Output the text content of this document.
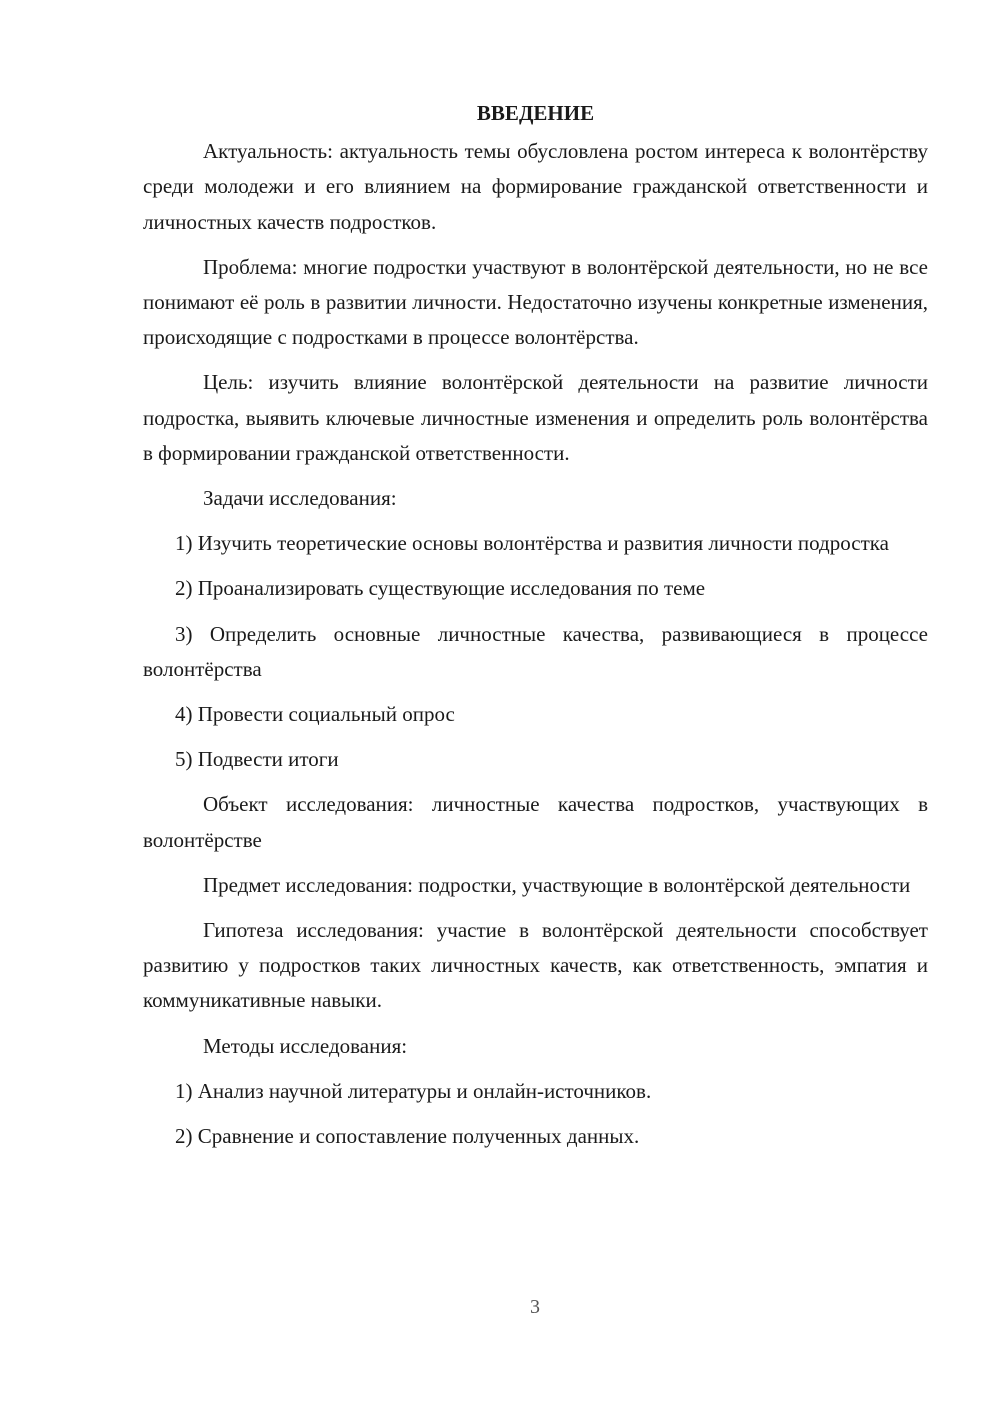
ВВЕДЕНИЕ

Актуальность: актуальность темы обусловлена ростом интереса к волонтёрству среди молодежи и его влиянием на формирование гражданской ответственности и личностных качеств подростков.

Проблема: многие подростки участвуют в волонтёрской деятельности, но не все понимают её роль в развитии личности. Недостаточно изучены конкретные изменения, происходящие с подростками в процессе волонтёрства.

Цель: изучить влияние волонтёрской деятельности на развитие личности подростка, выявить ключевые личностные изменения и определить роль волонтёрства в формировании гражданской ответственности.

Задачи исследования:

1) Изучить теоретические основы волонтёрства и развития личности подростка

2) Проанализировать существующие исследования по теме

3) Определить основные личностные качества, развивающиеся в процессе волонтёрства

4) Провести социальный опрос

5) Подвести итоги

Объект исследования: личностные качества подростков, участвующих в волонтёрстве

Предмет исследования: подростки, участвующие в волонтёрской деятельности

Гипотеза исследования: участие в волонтёрской деятельности способствует развитию у подростков таких личностных качеств, как ответственность, эмпатия и коммуникативные навыки.

Методы исследования:

1) Анализ научной литературы и онлайн-источников.

2) Сравнение и сопоставление полученных данных.

3
